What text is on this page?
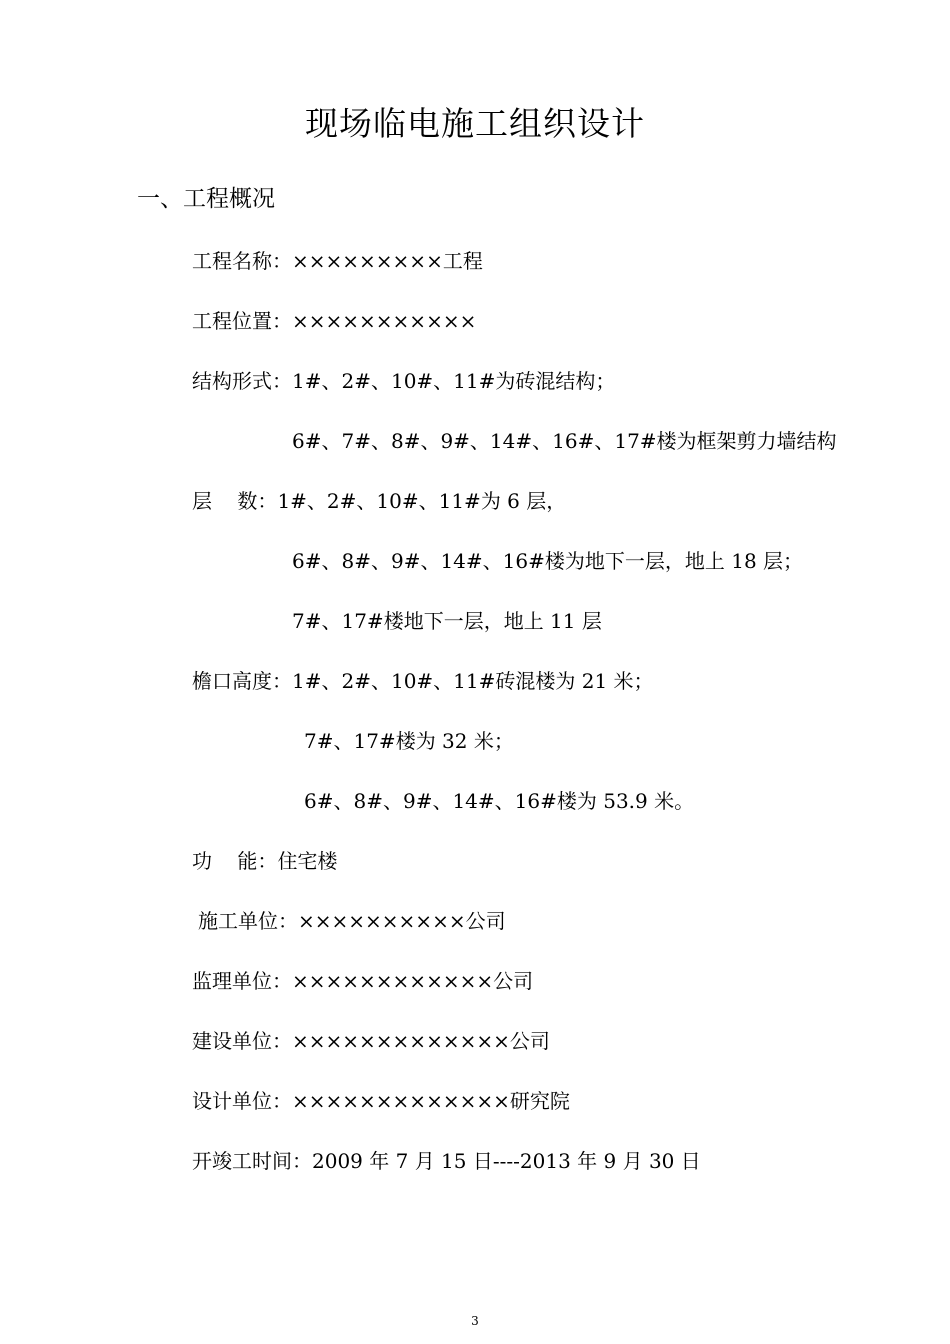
现场临电施工组织设计
一、工程概况
工程名称：×××××××××工程
工程位置：×××××××××××
结构形式：1#、2#、10#、11#为砖混结构；
6#、7#、8#、9#、14#、16#、17#楼为框架剪力墙结构
层    数：1#、2#、10#、11#为 6 层，
6#、8#、9#、14#、16#楼为地下一层，地上 18 层；
7#、17#楼地下一层，地上 11 层
檐口高度：1#、2#、10#、11#砖混楼为 21 米；
7#、17#楼为 32 米；
6#、8#、9#、14#、16#楼为 53.9 米。
功    能：住宅楼
施工单位：××××××××××公司
监理单位：××××××××××××公司
建设单位：×××××××××××××公司
设计单位：×××××××××××××研究院
开竣工时间：2009 年 7 月 15 日----2013 年 9 月 30 日
3
